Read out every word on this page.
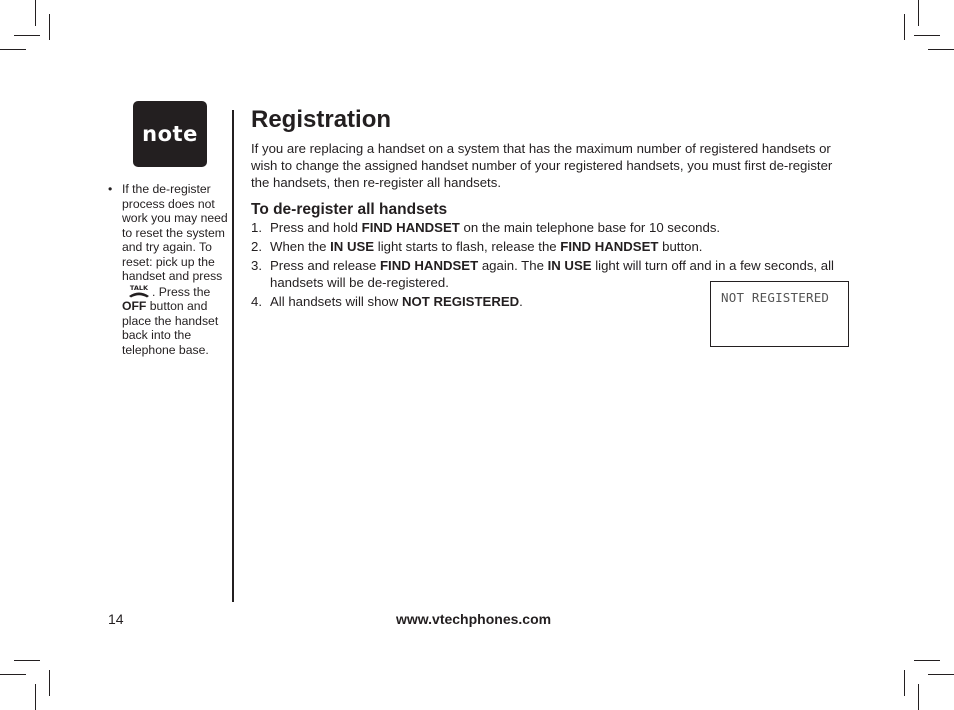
note
• If the de-register process does not work you may need to reset the system and try again. To reset: pick up the handset and press
TALK . Press the OFF button and place the handset back into the telephone base.
Registration

If you are replacing a handset on a system that has the maximum number of registered handsets or wish to change the assigned handset number of your registered handsets, you must first de-register the handsets, then re-register all handsets.

To de-register all handsets
1. Press and hold FIND HANDSET on the main telephone base for 10 seconds.
2. When the IN USE light starts to flash, release the FIND HANDSET button.
3. Press and release FIND HANDSET again. The IN USE light will turn off and in a few seconds, all handsets will be de-registered.
4. All handsets will show NOT REGISTERED.	NOT REGISTERED
14	www.vtechphones.com
